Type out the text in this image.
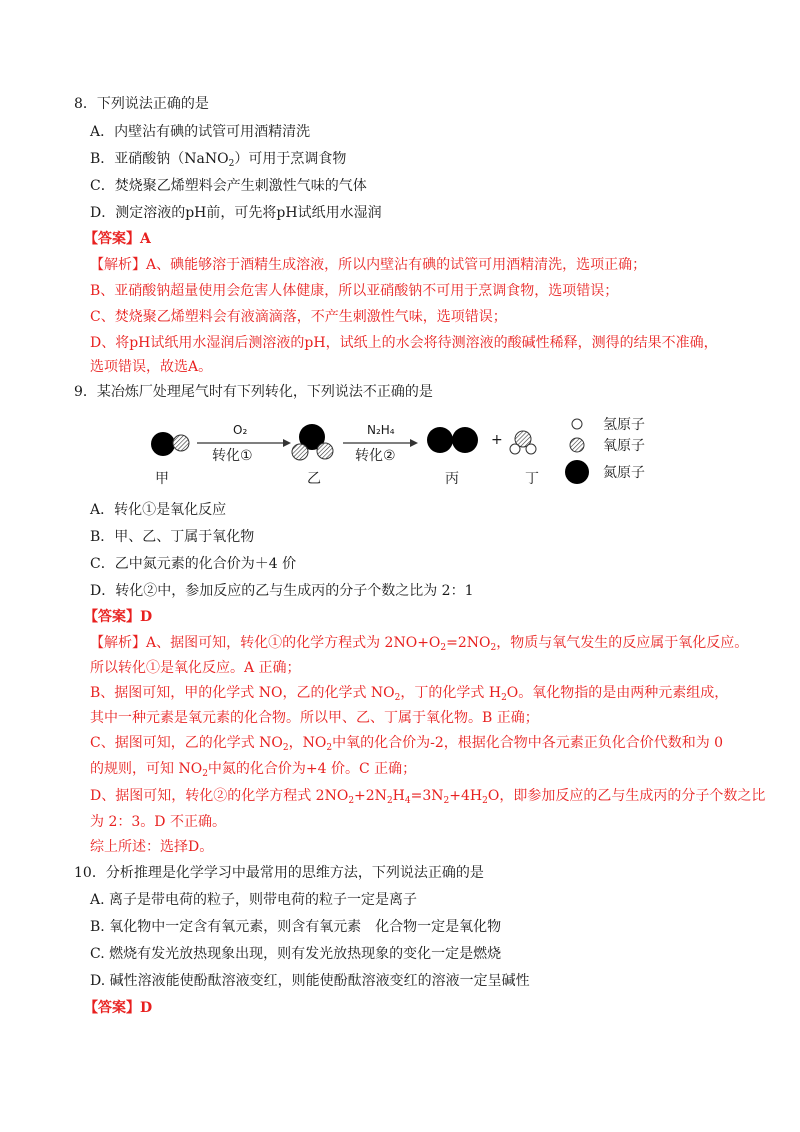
8．下列说法正确的是
A．内壁沾有碘的试管可用酒精清洗
B．亚硝酸钠（NaNO$_2$）可用于烹调食物
C．焚烧聚乙烯塑料会产生刺激性气味的气体
D．测定溶液的pH前，可先将pH试纸用水湿润
【答案】A
【解析】A、碘能够溶于酒精生成溶液，所以内壁沾有碘的试管可用酒精清洗，选项正确；
B、亚硝酸钠超量使用会危害人体健康，所以亚硝酸钠不可用于烹调食物，选项错误；
C、焚烧聚乙烯塑料会有液滴滴落，不产生刺激性气味，选项错误；
D、将pH试纸用水湿润后测溶液的pH，试纸上的水会将待测溶液的酸碱性稀释，测得的结果不准确，
选项错误，故选A。
9．某冶炼厂处理尾气时有下列转化，下列说法不正确的是
O₂
转化①
N₂H₄
转化②
+
氢原子
氧原子
氮原子
甲	乙	丙	丁
A．转化①是氧化反应
B．甲、乙、丁属于氧化物
C．乙中氮元素的化合价为＋4 价
D．转化②中，参加反应的乙与生成丙的分子个数之比为 2：1
【答案】D
【解析】A、据图可知，转化①的化学方程式为 $2NO+O_2=2NO_2$，物质与氧气发生的反应属于氧化反应。
所以转化①是氧化反应。A 正确；
B、据图可知，甲的化学式 NO，乙的化学式 $NO_2$，丁的化学式 $H_2O$。氧化物指的是由两种元素组成，
其中一种元素是氧元素的化合物。所以甲、乙、丁属于氧化物。B 正确；
C、据图可知，乙的化学式 $NO_2$，$NO_2$中氧的化合价为-2，根据化合物中各元素正负化合价代数和为 0
的规则，可知 $NO_2$中氮的化合价为+4 价。C 正确；
D、据图可知，转化②的化学方程式 $2NO_2+2N_2H_4=3N_2+4H_2O$，即参加反应的乙与生成丙的分子个数之比
为 2：3。D 不正确。
综上所述：选择D。
10．分析推理是化学学习中最常用的思维方法，下列说法正确的是
A. 离子是带电荷的粒子，则带电荷的粒子一定是离子
B. 氧化物中一定含有氧元素，则含有氧元素　化合物一定是氧化物
C. 燃烧有发光放热现象出现，则有发光放热现象的变化一定是燃烧
D. 碱性溶液能使酚酞溶液变红，则能使酚酞溶液变红的溶液一定呈碱性
【答案】D
